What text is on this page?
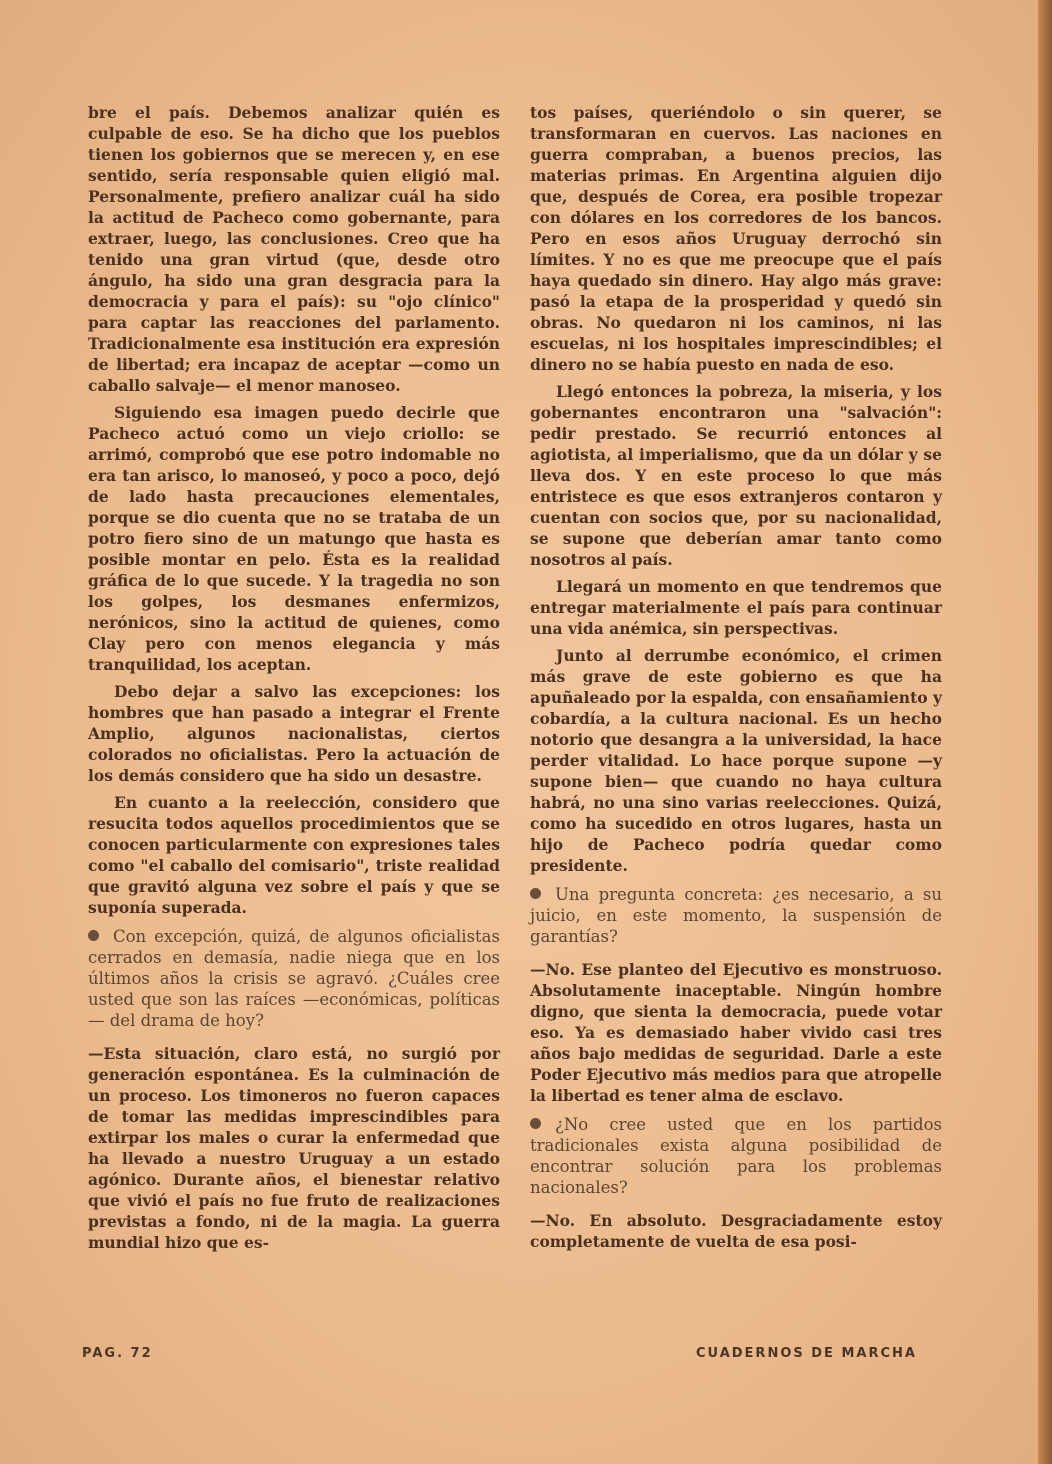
bre el país. Debemos analizar quién es culpable de eso. Se ha dicho que los pueblos tienen los gobiernos que se merecen y, en ese sentido, sería responsable quien eligió mal. Personalmente, prefiero analizar cuál ha sido la actitud de Pacheco como gobernante, para extraer, luego, las conclusiones. Creo que ha tenido una gran virtud (que, desde otro ángulo, ha sido una gran desgracia para la democracia y para el país): su "ojo clínico" para captar las reacciones del parlamento. Tradicionalmente esa institución era expresión de libertad; era incapaz de aceptar —como un caballo salvaje— el menor manoseo.

Siguiendo esa imagen puedo decirle que Pacheco actuó como un viejo criollo: se arrimó, comprobó que ese potro indomable no era tan arisco, lo manoseó, y poco a poco, dejó de lado hasta precauciones elementales, porque se dio cuenta que no se trataba de un potro fiero sino de un matungo que hasta es posible montar en pelo. Ésta es la realidad gráfica de lo que sucede. Y la tragedia no son los golpes, los desmanes enfermizos, nerónicos, sino la actitud de quienes, como Clay pero con menos elegancia y más tranquilidad, los aceptan.

Debo dejar a salvo las excepciones: los hombres que han pasado a integrar el Frente Amplio, algunos nacionalistas, ciertos colorados no oficialistas. Pero la actuación de los demás considero que ha sido un desastre.

En cuanto a la reelección, considero que resucita todos aquellos procedimientos que se conocen particularmente con expresiones tales como "el caballo del comisario", triste realidad que gravitó alguna vez sobre el país y que se suponía superada.

Con excepción, quizá, de algunos oficialistas cerrados en demasía, nadie niega que en los últimos años la crisis se agravó. ¿Cuáles cree usted que son las raíces —económicas, políticas— del drama de hoy?

—Esta situación, claro está, no surgió por generación espontánea. Es la culminación de un proceso. Los timoneros no fueron capaces de tomar las medidas imprescindibles para extirpar los males o curar la enfermedad que ha llevado a nuestro Uruguay a un estado agónico. Durante años, el bienestar relativo que vivió el país no fue fruto de realizaciones previstas a fondo, ni de la magia. La guerra mundial hizo que es-

tos países, queriéndolo o sin querer, se transformaran en cuervos. Las naciones en guerra compraban, a buenos precios, las materias primas. En Argentina alguien dijo que, después de Corea, era posible tropezar con dólares en los corredores de los bancos. Pero en esos años Uruguay derrochó sin límites. Y no es que me preocupe que el país haya quedado sin dinero. Hay algo más grave: pasó la etapa de la prosperidad y quedó sin obras. No quedaron ni los caminos, ni las escuelas, ni los hospitales imprescindibles; el dinero no se había puesto en nada de eso.

Llegó entonces la pobreza, la miseria, y los gobernantes encontraron una "salvación": pedir prestado. Se recurrió entonces al agiotista, al imperialismo, que da un dólar y se lleva dos. Y en este proceso lo que más entristece es que esos extranjeros contaron y cuentan con socios que, por su nacionalidad, se supone que deberían amar tanto como nosotros al país.

Llegará un momento en que tendremos que entregar materialmente el país para continuar una vida anémica, sin perspectivas.

Junto al derrumbe económico, el crimen más grave de este gobierno es que ha apuñaleado por la espalda, con ensañamiento y cobardía, a la cultura nacional. Es un hecho notorio que desangra a la universidad, la hace perder vitalidad. Lo hace porque supone —y supone bien— que cuando no haya cultura habrá, no una sino varias reelecciones. Quizá, como ha sucedido en otros lugares, hasta un hijo de Pacheco podría quedar como presidente.

Una pregunta concreta: ¿es necesario, a su juicio, en este momento, la suspensión de garantías?

—No. Ese planteo del Ejecutivo es monstruoso. Absolutamente inaceptable. Ningún hombre digno, que sienta la democracia, puede votar eso. Ya es demasiado haber vivido casi tres años bajo medidas de seguridad. Darle a este Poder Ejecutivo más medios para que atropelle la libertad es tener alma de esclavo.

¿No cree usted que en los partidos tradicionales exista alguna posibilidad de encontrar solución para los problemas nacionales?

—No. En absoluto. Desgraciadamente estoy completamente de vuelta de esa posi-

PAG. 72	CUADERNOS DE MARCHA
